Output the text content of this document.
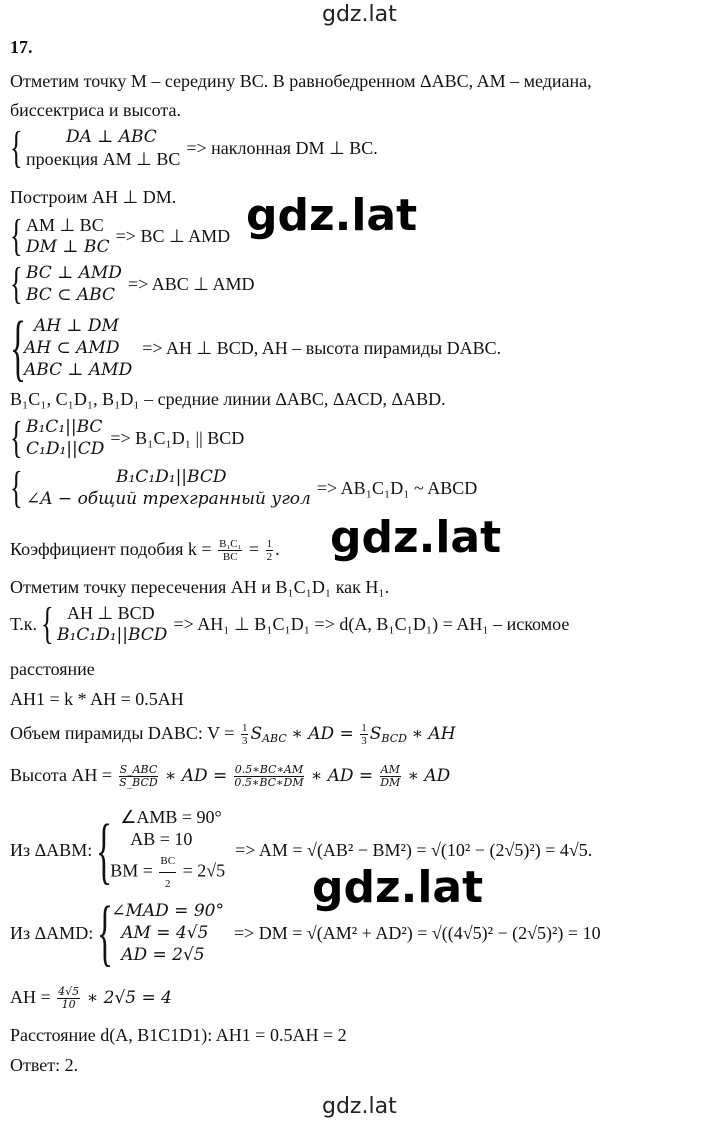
gdz.lat
gdz.lat
gdz.lat
gdz.lat
gdz.lat
17.
Отметим точку M – середину BC. В равнобедренном ΔABC, AM – медиана,
биссектриса и высота.
{	DA ⊥ ABC
проекция AM ⊥ BC
=> наклонная DM ⊥ BC.
Построим AH ⊥ DM.
{ AM ⊥ BC
DM ⊥ BC
=> BC ⊥ AMD
{ BC ⊥ AMD
BC ⊂ ABC
=> ABC ⊥ AMD
{ AH ⊥ DM
AH ⊂ AMD
ABC ⊥ AMD
=> AH ⊥ BCD, AH – высота пирамиды DABC.
B₁C₁, C₁D₁, B₁D₁ – средние линии ΔABC, ΔACD, ΔABD.
{ B₁C₁||BC
C₁D₁||CD
=> B₁C₁D₁ || BCD
{	B₁C₁D₁||BCD
∠A − общий трехгранный угол
=> AB₁C₁D₁ ~ ABCD
Коэффициент подобия $k = \frac{\text{B₁C₁}}{BC} = \frac{1}{2}$ .
Отметим точку пересечения AH и B₁C₁D₁ как H₁.
Т.к. { AH ⊥ BCD
B₁C₁D₁||BCD
=> AH₁ ⊥ B₁C₁D₁ => d(A, B₁C₁D₁) = AH₁ – искомое
расстояние
AH1 = k * AH = 0.5AH
Объем пирамиды DABC: $V = \frac{1}{3} S_{ABC}$ ∗ AD = $\frac{1}{3} S_{BCD}$ ∗ AH
Высота AH = $\frac{\text{S\_ABC}}{\text{S\_BCD}}$ ∗ AD = $\frac{0.5∗BC∗AM}{0.5∗BC∗DM}$ ∗ AD = $\frac{AM}{DM}$ ∗ AD
Из ΔABM: { ∠AMB = 90°
AB = 10
BM = $\frac{BC}{2} = 2√5$
=> AM = √(AB² − BM²) = √(10² − (2√5)²) = 4√5.
Из ΔAMD: {
∠MAD = 90°
AM = 4√5
AD = 2√5
=> DM = √(AM² + AD²) = √((4√5)² − (2√5)²) = 10
AH = $\frac{4√5}{10}$ ∗ 2√5 = 4
Расстояние d(A, B1C1D1): AH1 = 0.5AH = 2
Ответ: 2.
